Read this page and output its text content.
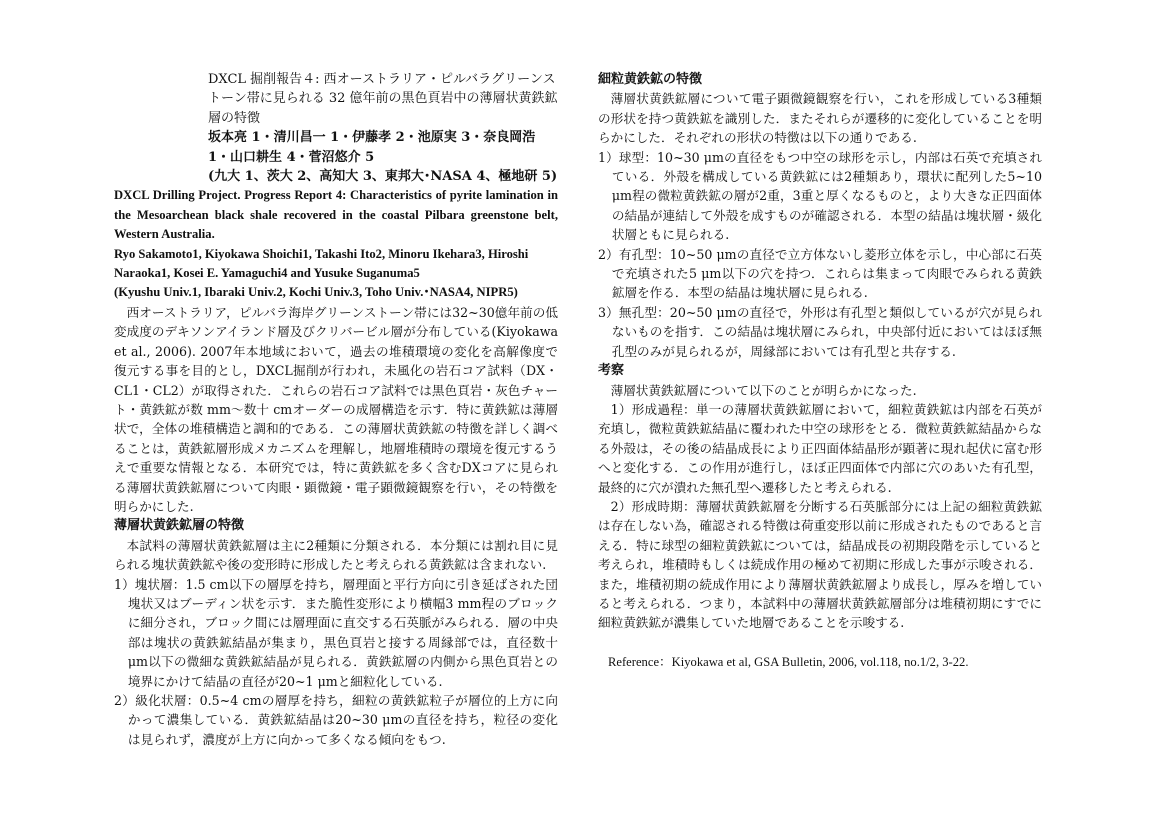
DXCL 掘削報告４: 西オーストラリア・ピルバラグリーンストーン帯に見られる 32 億年前の黒色頁岩中の薄層状黄鉄鉱層の特徴

坂本亮 1・清川昌一 1・伊藤孝 2・池原実 3・奈良岡浩 1・山口耕生 4・菅沼悠介 5

(九大 1、茨大 2、高知大 3、東邦大･NASA 4、極地研 5)

DXCL Drilling Project. Progress Report 4: Characteristics of pyrite lamination in the Mesoarchean black shale recovered in the coastal Pilbara greenstone belt, Western Australia.

Ryo Sakamoto1, Kiyokawa Shoichi1, Takashi Ito2, Minoru Ikehara3, Hiroshi Naraoka1, Kosei E. Yamaguchi4 and Yusuke Suganuma5

(Kyushu Univ.1, Ibaraki Univ.2, Kochi Univ.3, Toho Univ.･NASA4, NIPR5)

西オーストラリア，ピルバラ海岸グリーンストーン帯には32~30億年前の低変成度のデキソンアイランド層及びクリバービル層が分布している(Kiyokawa et al., 2006). 2007年本地域において，過去の堆積環境の変化を高解像度で復元する事を目的とし，DXCL掘削が行われ，未風化の岩石コア試料（DX・CL1・CL2）が取得された．これらの岩石コア試料では黒色頁岩・灰色チャート・黄鉄鉱が数 mm～数十 cmオーダーの成層構造を示す．特に黄鉄鉱は薄層状で，全体の堆積構造と調和的である．この薄層状黄鉄鉱の特徴を詳しく調べることは，黄鉄鉱層形成メカニズムを理解し，地層堆積時の環境を復元するうえで重要な情報となる．本研究では，特に黄鉄鉱を多く含むDXコアに見られる薄層状黄鉄鉱層について肉眼・顕微鏡・電子顕微鏡観察を行い，その特徴を明らかにした.

薄層状黄鉄鉱層の特徴

本試料の薄層状黄鉄鉱層は主に2種類に分類される．本分類には割れ目に見られる塊状黄鉄鉱や後の変形時に形成したと考えられる黄鉄鉱は含まれない.

1）塊状層：1.5 cm以下の層厚を持ち，層理面と平行方向に引き延ばされた団塊状又はブーディン状を示す．また脆性変形により横幅3 mm程のブロックに細分され，ブロック間には層理面に直交する石英脈がみられる．層の中央部は塊状の黄鉄鉱結晶が集まり，黒色頁岩と接する周縁部では，直径数十 μm以下の微細な黄鉄鉱結晶が見られる．黄鉄鉱層の内側から黒色頁岩との境界にかけて結晶の直径が20~1 μmと細粒化している.

2）級化状層：0.5~4 cmの層厚を持ち，細粒の黄鉄鉱粒子が層位的上方に向かって濃集している．黄鉄鉱結晶は20~30 μmの直径を持ち，粒径の変化は見られず，濃度が上方に向かって多くなる傾向をもつ.

細粒黄鉄鉱の特徴

薄層状黄鉄鉱層について電子顕微鏡観察を行い，これを形成している3種類の形状を持つ黄鉄鉱を識別した．またそれらが遷移的に変化していることを明らかにした．それぞれの形状の特徴は以下の通りである.

1）球型：10~30 μmの直径をもつ中空の球形を示し，内部は石英で充填されている．外殻を構成している黄鉄鉱には2種類あり，環状に配列した5~10 μm程の微粒黄鉄鉱の層が2重，3重と厚くなるものと，より大きな正四面体の結晶が連結して外殻を成すものが確認される．本型の結晶は塊状層・級化状層ともに見られる.

2）有孔型：10~50 μmの直径で立方体ないし菱形立体を示し，中心部に石英で充填された5 μm以下の穴を持つ．これらは集まって肉眼でみられる黄鉄鉱層を作る．本型の結晶は塊状層に見られる.

3）無孔型：20~50 μmの直径で，外形は有孔型と類似しているが穴が見られないものを指す．この結晶は塊状層にみられ，中央部付近においてはほぼ無孔型のみが見られるが，周縁部においては有孔型と共存する.

考察

薄層状黄鉄鉱層について以下のことが明らかになった.

1）形成過程：単一の薄層状黄鉄鉱層において，細粒黄鉄鉱は内部を石英が充填し，微粒黄鉄鉱結晶に覆われた中空の球形をとる．微粒黄鉄鉱結晶からなる外殻は，その後の結晶成長により正四面体結晶形が顕著に現れ起伏に富む形へと変化する．この作用が進行し，ほぼ正四面体で内部に穴のあいた有孔型，最終的に穴が潰れた無孔型へ遷移したと考えられる.

2）形成時期：薄層状黄鉄鉱層を分断する石英脈部分には上記の細粒黄鉄鉱は存在しない為，確認される特徴は荷重変形以前に形成されたものであると言える．特に球型の細粒黄鉄鉱については，結晶成長の初期段階を示していると考えられ，堆積時もしくは続成作用の極めて初期に形成した事が示唆される．また，堆積初期の続成作用により薄層状黄鉄鉱層より成長し，厚みを増していると考えられる．つまり，本試料中の薄層状黄鉄鉱層部分は堆積初期にすでに細粒黄鉄鉱が濃集していた地層であることを示唆する.

Reference：Kiyokawa et al, GSA Bulletin, 2006, vol.118, no.1/2, 3-22.
